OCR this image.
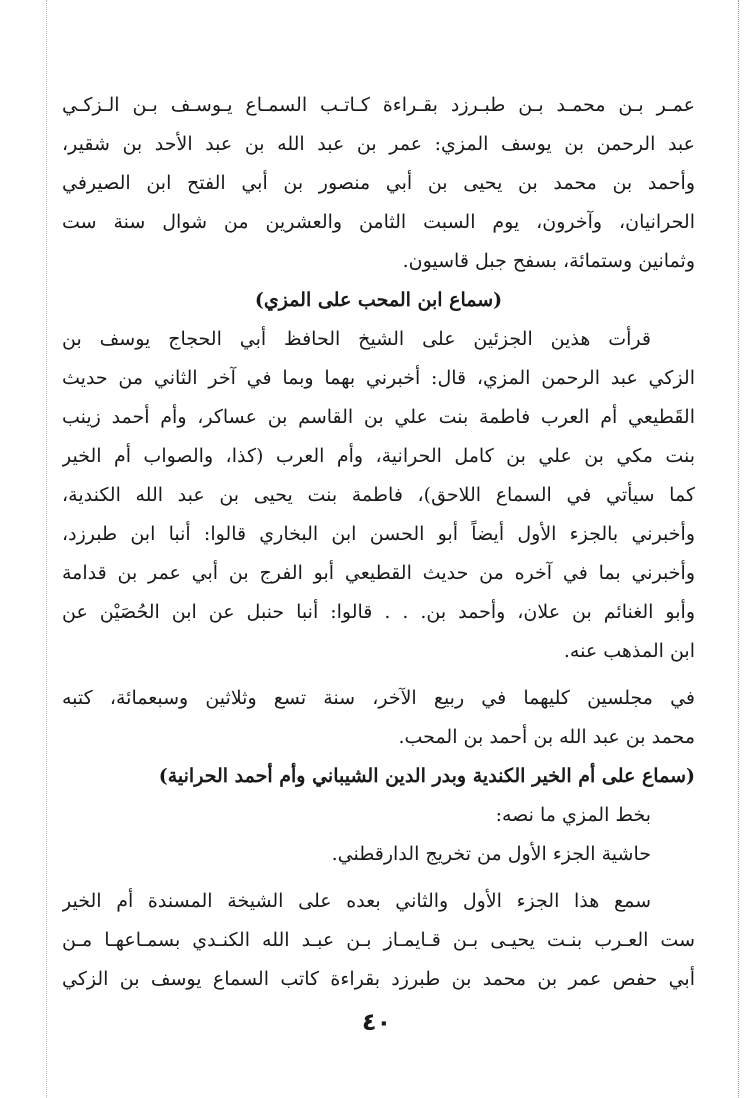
عمـر بـن محمـد بـن طبـرزد بقـراءة كـاتـب السمـاع يـوسـف بـن الـزكـي
عبد الرحمن بن يوسف المزي: عمر بن عبد الله بن عبد الأحد بن شقير،
وأحمد بن محمد بن يحيى بن أبي منصور بن أبي الفتح ابن الصيرفي
الحرانيان، وآخرون، يوم السبت الثامن والعشرين من شوال سنة ست
وثمانين وستمائة، بسفح جبل قاسيون.
(سماع ابن المحب على المزي)
قرأت هذين الجزئين على الشيخ الحافظ أبي الحجاج يوسف بن
الزكي عبد الرحمن المزي، قال: أخبرني بهما وبما في آخر الثاني من حديث
القَطيعي أم العرب فاطمة بنت علي بن القاسم بن عساكر، وأم أحمد زينب
بنت مكي بن علي بن كامل الحرانية، وأم العرب (كذا، والصواب أم الخير
كما سيأتي في السماع اللاحق)، فاطمة بنت يحيى بن عبد الله الكندية،
وأخبرني بالجزء الأول أيضاً أبو الحسن ابن البخاري قالوا: أنبا ابن طبرزد،
وأخبرني بما في آخره من حديث القطيعي أبو الفرج بن أبي عمر بن قدامة
وأبو الغنائم بن علان، وأحمد بن. . . قالوا: أنبا حنبل عن ابن الحُصَيْن عن
ابن المذهب عنه.
في مجلسين كليهما في ربيع الآخر، سنة تسع وثلاثين وسبعمائة، كتبه
محمد بن عبد الله بن أحمد بن المحب.
(سماع على أم الخير الكندية وبدر الدين الشيباني وأم أحمد الحرانية)
بخط المزي ما نصه:
حاشية الجزء الأول من تخريج الدارقطني.
سمع هذا الجزء الأول والثاني بعده على الشيخة المسندة أم الخير
ست العـرب بنـت يحيـى بـن قـايمـاز بـن عبـد الله الكنـدي بسمـاعهـا مـن
أبي حفص عمر بن محمد بن طبرزد بقراءة كاتب السماع يوسف بن الزكي
٤٠
